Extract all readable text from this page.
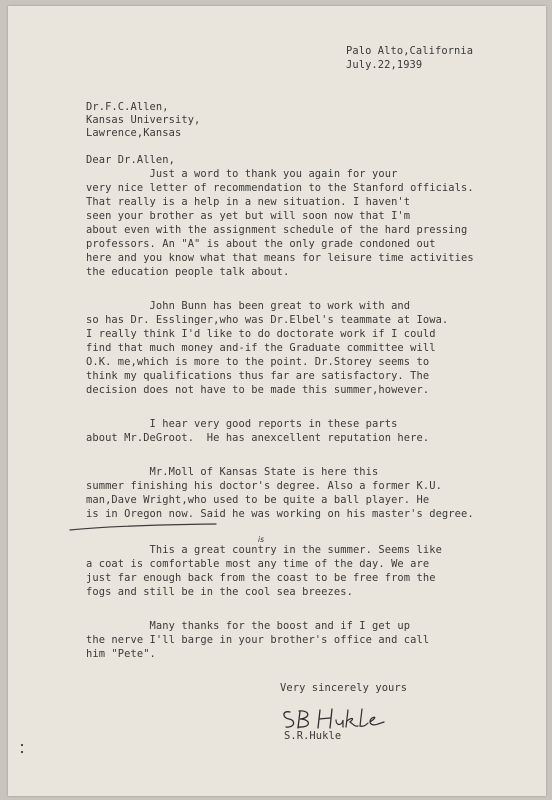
Palo Alto,California
July.22,1939
Dr.F.C.Allen,
Kansas University,
Lawrence,Kansas
Dear Dr.Allen,
Just a word to thank you again for your
very nice letter of recommendation to the Stanford officials.
That really is a help in a new situation. I haven't
seen your brother as yet but will soon now that I'm
about even with the assignment schedule of the hard pressing
professors. An "A" is about the only grade condoned out
here and you know what that means for leisure time activities
the education people talk about.
John Bunn has been great to work with and
so has Dr. Esslinger,who was Dr.Elbel's teammate at Iowa.
I really think I'd like to do doctorate work if I could
find that much money and-if the Graduate committee will
O.K. me,which is more to the point. Dr.Storey seems to
think my qualifications thus far are satisfactory. The
decision does not have to be made this summer,however.
I hear very good reports in these parts
about Mr.DeGroot.  He has anexcellent reputation here.
Mr.Moll of Kansas State is here this
summer finishing his doctor's degree. Also a former K.U.
man,Dave Wright,who used to be quite a ball player. He
is in Oregon now. Said he was working on his master's degree.
is
This a great country in the summer. Seems like
a coat is comfortable most any time of the day. We are
just far enough back from the coast to be free from the
fogs and still be in the cool sea breezes.
Many thanks for the boost and if I get up
the nerve I'll barge in your brother's office and call
him "Pete".
Very sincerely yours
S.R.Hukle
